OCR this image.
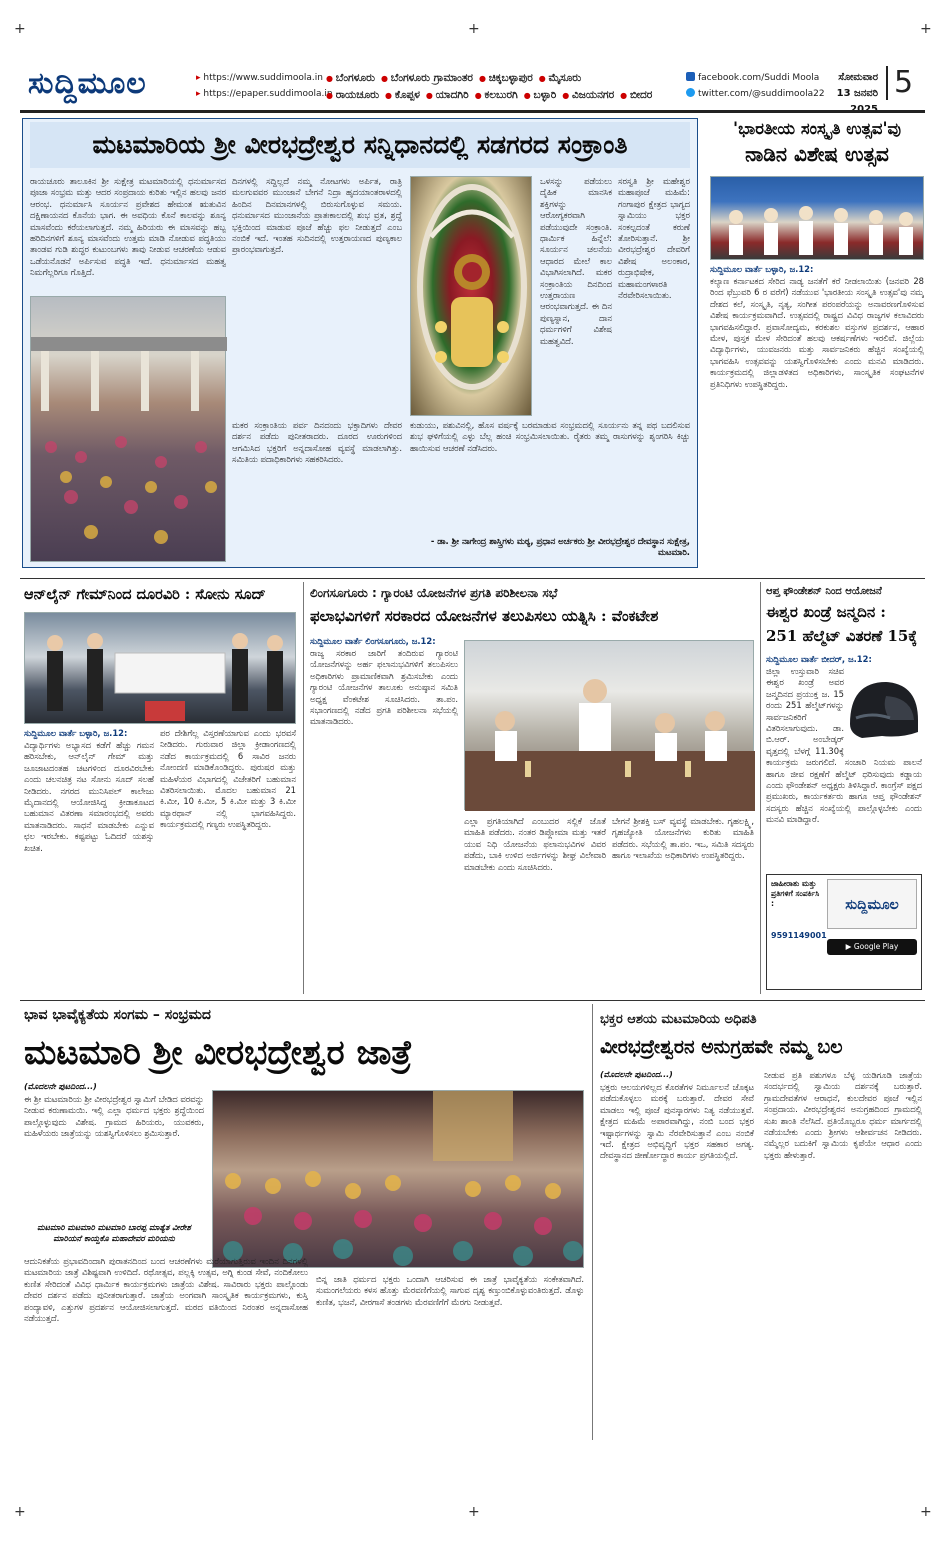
+	+	+
+	+	+
ಸುದ್ದಿಮೂಲ	▸ https://www.suddimoola.in
▸ https://epaper.suddimoola.in
● ಬೆಂಗಳೂರು ● ಬೆಂಗಳೂರು ಗ್ರಾಮಾಂತರ ● ಚಿಕ್ಕಬಳ್ಳಾಪುರ ● ಮೈಸೂರು
● ರಾಯಚೂರು ● ಕೊಪ್ಪಳ ● ಯಾದಗಿರಿ ● ಕಲಬುರಗಿ ● ಬಳ್ಳಾರಿ ● ವಿಜಯನಗರ ● ಬೀದರ
facebook.com/Suddi Moola
twitter.com/@suddimoola22
ಸೋಮವಾರ
13 ಜನವರಿ 5
ಮಟಮಾರಿಯ ಶ್ರೀ ವೀರಭದ್ರೇಶ್ವರ ಸನ್ನಿಧಾನದಲ್ಲಿ ಸಡಗರದ ಸಂಕ್ರಾಂತಿ
ರಾಯಚೂರು ತಾಲೂಕಿನ ಶ್ರೀ ಸುಕ್ಷೇತ್ರ ಮಟಮಾರಿಯಲ್ಲಿ ಧನುರ್ಮಾಸದ ಪೂಜಾ ಸಂಭ್ರಮ ಮತ್ತು ಆದರ ಸಂಪ್ರದಾಯ ಕುರಿತು ಇಲ್ಲಿನ ಹಲವು ಜನರ ಆರಂಭ. ಧನುರ್ಮಾಸಿ ಸೂರ್ಯನ ಪ್ರವೇಶದ ಹೇಮಂತ ಋತುವಿನ ದಕ್ಷಿಣಾಯನದ ಕೊನೆಯ ಭಾಗ. ಈ ಅವಧಿಯ ಕೊನೆ ಕಾಲವನ್ನು ಶೂನ್ಯ ಮಾಸವೆಂದು ಕರೆಯಲಾಗುತ್ತದೆ. ನಮ್ಮ ಹಿರಿಯರು ಈ ಮಾಸವನ್ನು ಹಬ್ಬ ಹರಿದಿನಗಳಿಗೆ ಶೂನ್ಯ ಮಾಸವೆಂದು ಉತ್ತಮ ಮಾಡಿ ನೋಡುವ ಪದ್ಧತಿಯು ತಾಂಡವ ಗುಡಿ ಶುದ್ಧರ ಕುಟುಂಬಗಳು ತಾವು ನೀಡುವ ಆಚರಣೆಯ ಆಡುವ ಒಡೆಯನೊಡನೆ ಅರ್ಪಿಸುವ ಪದ್ಧತಿ ಇದೆ. ಧನುರ್ಮಾಸದ ಮಹತ್ವ ನಿಮಗೆಲ್ಲರಿಗೂ ಗೊತ್ತಿದೆ.
ದಿನಗಳಲ್ಲಿ ಸದ್ದಿಲ್ಲದೆ ನಮ್ಮ ನೋಟಗಳು ಅರ್ಪಿತ, ರಾತ್ರಿ ಮಲಗುವವರ ಮುಂಜಾನೆ ಬೇಗನೆ ನಿದ್ರಾ ಹೃದಯಾಂತರಾಳದಲ್ಲಿ ಹಿಂದಿನ ದಿನಮಾನಗಳಲ್ಲಿ ಬಿರುಸುಗೊಳ್ಳುವ ಸಮಯ. ಧನುರ್ಮಾಸದ ಮುಂಜಾನೆಯ ಪ್ರಾತಃಕಾಲದಲ್ಲಿ ಶುಭ ವ್ರತ, ಶ್ರದ್ಧೆ ಭಕ್ತಿಯಿಂದ ಮಾಡುವ ಪೂಜೆ ಹೆಚ್ಚು ಫಲ ನೀಡುತ್ತದೆ ಎಂಬ ನಂಬಿಕೆ ಇದೆ. ಇಂತಹ ಸುದಿನದಲ್ಲಿ ಉತ್ತರಾಯಣದ ಪುಣ್ಯಕಾಲ ಪ್ರಾರಂಭವಾಗುತ್ತದೆ.
ಒಳಸನ್ನು ಪಡೆಯಲು ದೈಹಿಕ ಮಾನಸಿಕ ಶಕ್ತಿಗಳನ್ನು ಆರೋಗ್ಯಕರವಾಗಿ ಪಡೆಯುವುದೇ ಸಂಕ್ರಾಂತಿ. ಧಾರ್ಮಿಕ ಹಿನ್ನೆಲೆ: ಸೂರ್ಯನ ಚಲನೆಯ ಆಧಾರದ ಮೇಲೆ ಕಾಲ ವಿಭಾಗಿಸಲಾಗಿದೆ. ಮಕರ ಸಂಕ್ರಾಂತಿಯ ದಿನದಿಂದ ಉತ್ತರಾಯಣ ಆರಂಭವಾಗುತ್ತದೆ. ಈ ದಿನ ಪುಣ್ಯಸ್ನಾನ, ದಾನ ಧರ್ಮಗಳಿಗೆ ವಿಶೇಷ ಮಹತ್ವವಿದೆ.
ಸರಸ್ವತಿ ಶ್ರೀ ಮಹೇಶ್ವರ ಮಹಾಪೂಜೆ ಮಹಿಮೆ: ಗಂಗಾಪುರ ಕ್ಷೇತ್ರದ ಭಾಗ್ಯದ ಸ್ವಾಮಿಯು ಭಕ್ತರ ಸಂಕಲ್ಪದಂತೆ ಕರುಣೆ ತೋರಿಸುತ್ತಾನೆ. ಶ್ರೀ ವೀರಭದ್ರೇಶ್ವರ ದೇವರಿಗೆ ವಿಶೇಷ ಅಲಂಕಾರ, ರುದ್ರಾಭಿಷೇಕ, ಮಹಾಮಂಗಳಾರತಿ ನೆರವೇರಿಸಲಾಯಿತು.
ಮಕರ ಸಂಕ್ರಾಂತಿಯ ಪರ್ವ ದಿನದಂದು ಭಕ್ತಾದಿಗಳು ದೇವರ ದರ್ಶನ ಪಡೆದು ಪುನೀತರಾದರು. ದೂರದ ಊರುಗಳಿಂದ ಆಗಮಿಸಿದ ಭಕ್ತರಿಗೆ ಅನ್ನದಾಸೋಹ ವ್ಯವಸ್ಥೆ ಮಾಡಲಾಗಿತ್ತು. ಸಮಿತಿಯ ಪದಾಧಿಕಾರಿಗಳು ಸಹಕರಿಸಿದರು.
ಕುಡುಯು, ಪಶುವಿನಲ್ಲಿ, ಹೊಸ ವರ್ಷಕ್ಕೆ ಬರಮಾಡುವ ಸಂಭ್ರಮದಲ್ಲಿ ಸೂರ್ಯನು ತನ್ನ ಪಥ ಬದಲಿಸುವ ಶುಭ ಘಳಿಗೆಯಲ್ಲಿ ಎಳ್ಳು ಬೆಲ್ಲ ಹಂಚಿ ಸಂಭ್ರಮಿಸಲಾಯಿತು. ರೈತರು ತಮ್ಮ ರಾಸುಗಳನ್ನು ಶೃಂಗರಿಸಿ ಕಿಚ್ಚು ಹಾಯಿಸುವ ಆಚರಣೆ ನಡೆಸಿದರು.
- ಡಾ. ಶ್ರೀ ನಾಗೇಂದ್ರ ಶಾಸ್ತ್ರಿಗಳು ಮಠ್ಯ, ಪ್ರಧಾನ ಅರ್ಚಕರು ಶ್ರೀ ವೀರಭದ್ರೇಶ್ವರ ದೇವಸ್ಥಾನ ಸುಕ್ಷೇತ್ರ, ಮಟಮಾರಿ.
'ಭಾರತೀಯ ಸಂಸ್ಕೃತಿ ಉತ್ಸವ'ವು
ನಾಡಿನ ವಿಶೇಷ ಉತ್ಸವ
ಸುದ್ದಿಮೂಲ ವಾರ್ತೆ ಬಳ್ಳಾರಿ, ಜ.12:
ಕಲ್ಯಾಣ ಕರ್ನಾಟಕದ ಸೇರಿದ ನಾಡ್ಯ ಜನತೆಗೆ ಕರೆ ನೀಡಲಾಯಿತು (ಜನವರಿ 28 ರಿಂದ ಫೆಬ್ರುವರಿ 6 ರ ವರೆಗೆ) ನಡೆಯುವ 'ಭಾರತೀಯ ಸಂಸ್ಕೃತಿ ಉತ್ಸವ'ವು ನಮ್ಮ ದೇಶದ ಕಲೆ, ಸಂಸ್ಕೃತಿ, ನೃತ್ಯ, ಸಂಗೀತ ಪರಂಪರೆಯನ್ನು ಅನಾವರಣಗೊಳಿಸುವ ವಿಶೇಷ ಕಾರ್ಯಕ್ರಮವಾಗಿದೆ. ಉತ್ಸವದಲ್ಲಿ ರಾಷ್ಟ್ರದ ವಿವಿಧ ರಾಜ್ಯಗಳ ಕಲಾವಿದರು ಭಾಗವಹಿಸಲಿದ್ದಾರೆ. ಪ್ರವಾಸೋದ್ಯಮ, ಕರಕುಶಲ ವಸ್ತುಗಳ ಪ್ರದರ್ಶನ, ಆಹಾರ ಮೇಳ, ಪುಸ್ತಕ ಮೇಳ ಸೇರಿದಂತೆ ಹಲವು ಆಕರ್ಷಣೆಗಳು ಇರಲಿವೆ. ಜಿಲ್ಲೆಯ ವಿದ್ಯಾರ್ಥಿಗಳು, ಯುವಜನರು ಮತ್ತು ಸಾರ್ವಜನಿಕರು ಹೆಚ್ಚಿನ ಸಂಖ್ಯೆಯಲ್ಲಿ ಭಾಗವಹಿಸಿ ಉತ್ಸವವನ್ನು ಯಶಸ್ವಿಗೊಳಿಸಬೇಕು ಎಂದು ಮನವಿ ಮಾಡಿದರು. ಕಾರ್ಯಕ್ರಮದಲ್ಲಿ ಜಿಲ್ಲಾಡಳಿತದ ಅಧಿಕಾರಿಗಳು, ಸಾಂಸ್ಕೃತಿಕ ಸಂಘಟನೆಗಳ ಪ್ರತಿನಿಧಿಗಳು ಉಪಸ್ಥಿತರಿದ್ದರು.
ಆನ್‌ಲೈನ್ ಗೇಮ್‌ನಿಂದ ದೂರವಿರಿ : ಸೋನು ಸೂದ್
ಸುದ್ದಿಮೂಲ ವಾರ್ತೆ ಬಳ್ಳಾರಿ, ಜ.12:
ವಿದ್ಯಾರ್ಥಿಗಳು ಅಭ್ಯಾಸದ ಕಡೆಗೆ ಹೆಚ್ಚು ಗಮನ ಹರಿಸಬೇಕು, ಆನ್‌ಲೈನ್ ಗೇಮ್ ಮತ್ತು ಜೂಜಾಟದಂತಹ ಚಟಗಳಿಂದ ದೂರವಿರಬೇಕು ಎಂದು ಚಲನಚಿತ್ರ ನಟ ಸೋನು ಸೂದ್ ಸಲಹೆ ನೀಡಿದರು. ನಗರದ ಮುನಿಸಿಪಲ್ ಕಾಲೇಜು ಮೈದಾನದಲ್ಲಿ ಆಯೋಜಿಸಿದ್ದ ಕ್ರೀಡಾಕೂಟದ ಬಹುಮಾನ ವಿತರಣಾ ಸಮಾರಂಭದಲ್ಲಿ ಅವರು ಮಾತನಾಡಿದರು. ಸಾಧನೆ ಮಾಡಬೇಕು ಎನ್ನುವ ಛಲ ಇರಬೇಕು. ಕಷ್ಟಪಟ್ಟು ಓದಿದರೆ ಯಶಸ್ಸು ಖಚಿತ.
ಪರ ದೇಶಿಗೆಲ್ಲ ವಿಸ್ತರಣೆಯಾಗುವ ಎಂದು ಭರವಸೆ ನೀಡಿದರು. ಗುರುವಾರ ಜಿಲ್ಲಾ ಕ್ರೀಡಾಂಗಣದಲ್ಲಿ ನಡೆದ ಕಾರ್ಯಕ್ರಮದಲ್ಲಿ 6 ಸಾವಿರ ಜನರು ನೋಂದಣಿ ಮಾಡಿಕೊಂಡಿದ್ದರು. ಪುರುಷರ ಮತ್ತು ಮಹಿಳೆಯರ ವಿಭಾಗದಲ್ಲಿ ವಿಜೇತರಿಗೆ ಬಹುಮಾನ ವಿತರಿಸಲಾಯಿತು. ಮೊದಲ ಬಹುಮಾನ 21 ಕಿ.ಮೀ, 10 ಕಿ.ಮೀ, 5 ಕಿ.ಮೀ ಮತ್ತು 3 ಕಿ.ಮೀ ಮ್ಯಾರಥಾನ್ ನಲ್ಲಿ ಭಾಗವಹಿಸಿದ್ದರು. ಕಾರ್ಯಕ್ರಮದಲ್ಲಿ ಗಣ್ಯರು ಉಪಸ್ಥಿತರಿದ್ದರು.
ಲಿಂಗಸೂಗೂರು : ಗ್ಯಾರಂಟಿ ಯೋಜನೆಗಳ ಪ್ರಗತಿ ಪರಿಶೀಲನಾ ಸಭೆ
ಫಲಾಭವಿಗಳಿಗೆ ಸರಕಾರದ ಯೋಜನೆಗಳ ತಲುಪಿಸಲು ಯತ್ನಿಸಿ : ವೆಂಕಟೇಶ
ಸುದ್ದಿಮೂಲ ವಾರ್ತೆ ಲಿಂಗಸೂಗೂರು, ಜ.12:
ರಾಜ್ಯ ಸರಕಾರ ಜಾರಿಗೆ ತಂದಿರುವ ಗ್ಯಾರಂಟಿ ಯೋಜನೆಗಳನ್ನು ಅರ್ಹ ಫಲಾನುಭವಿಗಳಿಗೆ ತಲುಪಿಸಲು ಅಧಿಕಾರಿಗಳು ಪ್ರಾಮಾಣಿಕವಾಗಿ ಶ್ರಮಿಸಬೇಕು ಎಂದು ಗ್ಯಾರಂಟಿ ಯೋಜನೆಗಳ ತಾಲೂಕು ಅನುಷ್ಠಾನ ಸಮಿತಿ ಅಧ್ಯಕ್ಷ ವೆಂಕಟೇಶ ಸೂಚಿಸಿದರು. ತಾ.ಪಂ. ಸಭಾಂಗಣದಲ್ಲಿ ನಡೆದ ಪ್ರಗತಿ ಪರಿಶೀಲನಾ ಸಭೆಯಲ್ಲಿ ಮಾತನಾಡಿದರು.
ಎಲ್ಲಾ ಪ್ರಗತಿಯಾಗಿದೆ ಎಂಬುದರ ಸಲ್ಲಿಕೆ ಜೊತೆ ಮಾಹಿತಿ ಪಡೆದರು. ನಂತರ ಡಿಪ್ಲೋಮಾ ಮತ್ತು ಇತರೆ ಯುವ ನಿಧಿ ಯೋಜನೆಯ ಫಲಾನುಭವಿಗಳ ವಿವರ ಪಡೆದು, ಬಾಕಿ ಉಳಿದ ಅರ್ಜಿಗಳನ್ನು ಶೀಘ್ರ ವಿಲೇವಾರಿ ಮಾಡಬೇಕು ಎಂದು ಸೂಚಿಸಿದರು.
ಬೇಗನೆ ಶ್ರೀಶಕ್ತಿ ಬಸ್ ವ್ಯವಸ್ಥೆ ಮಾಡಬೇಕು. ಗೃಹಲಕ್ಷ್ಮಿ, ಗೃಹಜ್ಯೋತಿ ಯೋಜನೆಗಳು ಕುರಿತು ಮಾಹಿತಿ ಪಡೆದರು. ಸಭೆಯಲ್ಲಿ ತಾ.ಪಂ. ಇಒ, ಸಮಿತಿ ಸದಸ್ಯರು ಹಾಗೂ ಇಲಾಖೆಯ ಅಧಿಕಾರಿಗಳು ಉಪಸ್ಥಿತರಿದ್ದರು.
ಆಪ್ತ ಫೌಂಡೇಶನ್ ನಿಂದ ಆಯೋಜನೆ
ಈಶ್ವರ ಖಂಡ್ರೆ ಜನ್ಮದಿನ :
251 ಹೆಲ್ಮೆಟ್ ವಿತರಣೆ 15ಕ್ಕೆ
ಸುದ್ದಿಮೂಲ ವಾರ್ತೆ ಬೀದರ್, ಜ.12:
ಜಿಲ್ಲಾ ಉಸ್ತುವಾರಿ ಸಚಿವ ಈಶ್ವರ ಖಂಡ್ರೆ ಅವರ ಜನ್ಮದಿನದ ಪ್ರಯುಕ್ತ ಜ. 15 ರಂದು 251 ಹೆಲ್ಮೆಟ್‌ಗಳನ್ನು ಸಾರ್ವಜನಿಕರಿಗೆ ವಿತರಿಸಲಾಗುವುದು. ಡಾ. ಬಿ.ಆರ್. ಅಂಬೇಡ್ಕರ್ ವೃತ್ತದಲ್ಲಿ ಬೆಳಗ್ಗೆ 11.30ಕ್ಕೆ ಕಾರ್ಯಕ್ರಮ ಜರುಗಲಿದೆ. ಸಂಚಾರಿ ನಿಯಮ ಪಾಲನೆ ಹಾಗೂ ಜೀವ ರಕ್ಷಣೆಗೆ ಹೆಲ್ಮೆಟ್ ಧರಿಸುವುದು ಕಡ್ಡಾಯ ಎಂದು ಫೌಂಡೇಶನ್ ಅಧ್ಯಕ್ಷರು ತಿಳಿಸಿದ್ದಾರೆ. ಕಾಂಗ್ರೆಸ್ ಪಕ್ಷದ ಪ್ರಮುಖರು, ಕಾರ್ಯಕರ್ತರು ಹಾಗೂ ಆಪ್ತ ಫೌಂಡೇಶನ್ ಸದಸ್ಯರು ಹೆಚ್ಚಿನ ಸಂಖ್ಯೆಯಲ್ಲಿ ಪಾಲ್ಗೊಳ್ಳಬೇಕು ಎಂದು ಮನವಿ ಮಾಡಿದ್ದಾರೆ.
ಜಾಹೀರಾತು ಮತ್ತು ಪ್ರತಿಗಳಿಗೆ ಸಂಪರ್ಕಿಸಿ :
9591149001
ಸುದ್ದಿಮೂಲ
▶ Google Play
ಭಾವ ಭಾವೈಕ್ಯತೆಯ ಸಂಗಮ – ಸಂಭ್ರಮದ
ಮಟಮಾರಿ ಶ್ರೀ ವೀರಭದ್ರೇಶ್ವರ ಜಾತ್ರೆ
(ಮೊದಲನೇ ಪುಟದಿಂದ...)
ಈ ಶ್ರೀ ಮಟಮಾರಿಯ ಶ್ರೀ ವೀರಭದ್ರೇಶ್ವರ ಸ್ವಾಮಿಗೆ ಬೇಡಿದ ವರವನ್ನು ನೀಡುವ ಕರುಣಾಮಯಿ. ಇಲ್ಲಿ ಎಲ್ಲಾ ಧರ್ಮದ ಭಕ್ತರು ಶ್ರದ್ಧೆಯಿಂದ ಪಾಲ್ಗೊಳ್ಳುವುದು ವಿಶೇಷ. ಗ್ರಾಮದ ಹಿರಿಯರು, ಯುವಕರು, ಮಹಿಳೆಯರು ಜಾತ್ರೆಯನ್ನು ಯಶಸ್ವಿಗೊಳಿಸಲು ಶ್ರಮಿಸುತ್ತಾರೆ.
ಮಟಮಾರಿ ಮಟಮಾರಿ ಮಟಮಾರಿ ಬಾರಪ್ಪ ಮಾತ್ಯೆತ ವೀರೇಶ ಮಾರಿಯನೆ ಕಾಯ್ದಕೊ ಮಹಾದೇವರ ಮರಿಯನು
ಆದುನಿಕತೆಯ ಪ್ರಭಾವದಿಂದಾಗಿ ಪುರಾತನದಿಂದ ಬಂದ ಆಚರಣೆಗಳು ಮರೆಯಾಗುತ್ತಿರುವ ಇಂದಿನ ದಿನಗಳಲ್ಲಿ ಮಟಮಾರಿಯ ಜಾತ್ರೆ ವಿಶಿಷ್ಟವಾಗಿ ಉಳಿದಿದೆ. ರಥೋತ್ಸವ, ಪಲ್ಲಕ್ಕಿ ಉತ್ಸವ, ಅಗ್ನಿ ಕುಂಡ ಸೇವೆ, ನಂದಿಕೋಲು ಕುಣಿತ ಸೇರಿದಂತೆ ವಿವಿಧ ಧಾರ್ಮಿಕ ಕಾರ್ಯಕ್ರಮಗಳು ಜಾತ್ರೆಯ ವಿಶೇಷ. ಸಾವಿರಾರು ಭಕ್ತರು ಪಾಲ್ಗೊಂಡು ದೇವರ ದರ್ಶನ ಪಡೆದು ಪುನೀತರಾಗುತ್ತಾರೆ. ಜಾತ್ರೆಯ ಅಂಗವಾಗಿ ಸಾಂಸ್ಕೃತಿಕ ಕಾರ್ಯಕ್ರಮಗಳು, ಕುಸ್ತಿ ಪಂದ್ಯಾವಳಿ, ಎತ್ತುಗಳ ಪ್ರದರ್ಶನ ಆಯೋಜಿಸಲಾಗುತ್ತದೆ. ಮಠದ ವತಿಯಿಂದ ನಿರಂತರ ಅನ್ನದಾಸೋಹ ನಡೆಯುತ್ತದೆ.
ಬಿನ್ನ ಜಾತಿ ಧರ್ಮದ ಭಕ್ತರು ಒಂದಾಗಿ ಆಚರಿಸುವ ಈ ಜಾತ್ರೆ ಭಾವೈಕ್ಯತೆಯ ಸಂಕೇತವಾಗಿದೆ. ಸುಮಂಗಲೆಯರು ಕಳಸ ಹೊತ್ತು ಮೆರವಣಿಗೆಯಲ್ಲಿ ಸಾಗುವ ದೃಶ್ಯ ಕಣ್ತುಂಬಿಕೊಳ್ಳುವಂತಿರುತ್ತದೆ. ಡೊಳ್ಳು ಕುಣಿತ, ಭಜನೆ, ವೀರಗಾಸೆ ತಂಡಗಳು ಮೆರವಣಿಗೆಗೆ ಮೆರಗು ನೀಡುತ್ತವೆ.
ಭಕ್ತರ ಆಶಯ ಮಟಮಾರಿಯ ಅಧಿಪತಿ
ವೀರಭದ್ರೇಶ್ವರನ ಅನುಗ್ರಹವೇ ನಮ್ಮ ಬಲ
(ಮೊದಲನೇ ಪುಟದಿಂದ...)
ಭಕ್ತರು ಆಲಯಗಳಿಲ್ಲದ ಕೊರತೆಗಳ ನಿರ್ಮೂಲನೆ ಚೊಕ್ಕಟ ಪಡೆದುಕೊಳ್ಳಲು ಮಠಕ್ಕೆ ಬರುತ್ತಾರೆ. ದೇವರ ಸೇವೆ ಮಾಡಲು ಇಲ್ಲಿ ಪೂಜೆ ಪುನಸ್ಕಾರಗಳು ನಿತ್ಯ ನಡೆಯುತ್ತವೆ. ಕ್ಷೇತ್ರದ ಮಹಿಮೆ ಅಪಾರವಾಗಿದ್ದು, ನಂಬಿ ಬಂದ ಭಕ್ತರ ಇಷ್ಟಾರ್ಥಗಳನ್ನು ಸ್ವಾಮಿ ನೆರವೇರಿಸುತ್ತಾನೆ ಎಂಬ ನಂಬಿಕೆ ಇದೆ. ಕ್ಷೇತ್ರದ ಅಭಿವೃದ್ಧಿಗೆ ಭಕ್ತರ ಸಹಕಾರ ಅಗತ್ಯ. ದೇವಸ್ಥಾನದ ಜೀರ್ಣೋದ್ಧಾರ ಕಾರ್ಯ ಪ್ರಗತಿಯಲ್ಲಿದೆ.
ನೀಡುವ ಪ್ರತಿ ಪಶುಗಳೂ ಬೆಳ್ಳ ಯಡಿಗೂಡಿ ಜಾತ್ರೆಯ ಸಂದರ್ಭದಲ್ಲಿ ಸ್ವಾಮಿಯ ದರ್ಶನಕ್ಕೆ ಬರುತ್ತಾರೆ. ಗ್ರಾಮದೇವತೆಗಳ ಆರಾಧನೆ, ಕುಲದೇವರ ಪೂಜೆ ಇಲ್ಲಿನ ಸಂಪ್ರದಾಯ. ವೀರಭದ್ರೇಶ್ವರನ ಅನುಗ್ರಹದಿಂದ ಗ್ರಾಮದಲ್ಲಿ ಸುಖ ಶಾಂತಿ ನೆಲೆಸಿದೆ. ಪ್ರತಿಯೊಬ್ಬರೂ ಧರ್ಮ ಮಾರ್ಗದಲ್ಲಿ ನಡೆಯಬೇಕು ಎಂದು ಶ್ರೀಗಳು ಆಶೀರ್ವಚನ ನೀಡಿದರು. ನಮ್ಮೆಲ್ಲರ ಬದುಕಿಗೆ ಸ್ವಾಮಿಯ ಕೃಪೆಯೇ ಆಧಾರ ಎಂದು ಭಕ್ತರು ಹೇಳುತ್ತಾರೆ.
